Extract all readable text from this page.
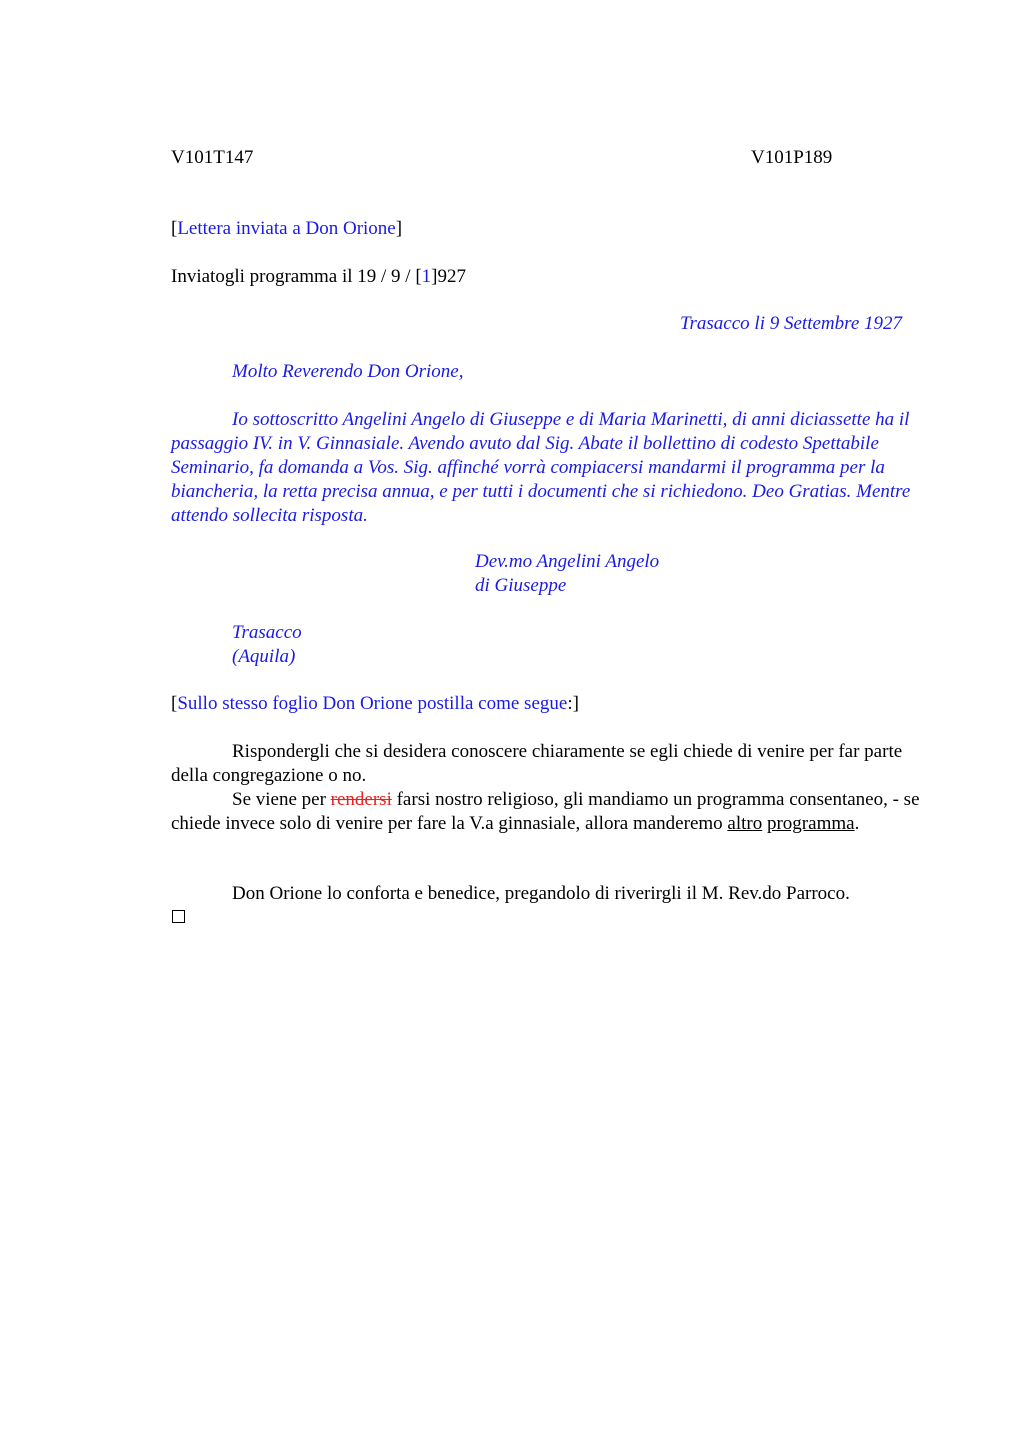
V101T147	V101P189
[Lettera inviata a Don Orione]
Inviatogli programma il 19 / 9 / [1]927
Trasacco li 9 Settembre 1927
Molto Reverendo Don Orione,
Io sottoscritto Angelini Angelo di Giuseppe e di Maria Marinetti, di anni diciassette ha il passaggio IV. in V. Ginnasiale. Avendo avuto dal Sig. Abate il bollettino di codesto Spettabile Seminario, fa domanda a Vos. Sig. affinché vorrà compiacersi mandarmi il programma per la biancheria, la retta precisa annua, e per tutti i documenti che si richiedono. Deo Gratias. Mentre attendo sollecita risposta.
Dev.mo Angelini Angelo
di Giuseppe
Trasacco
(Aquila)
[Sullo stesso foglio Don Orione postilla come segue:]
Rispondergli che si desidera conoscere chiaramente se egli chiede di venire per far parte della congregazione o no.
Se viene per rendersi farsi nostro religioso, gli mandiamo un programma consentaneo, - se chiede invece solo di venire per fare la V.a ginnasiale, allora manderemo altro programma.
Don Orione lo conforta e benedice, pregandolo di riverirgli il M. Rev.do Parroco.
